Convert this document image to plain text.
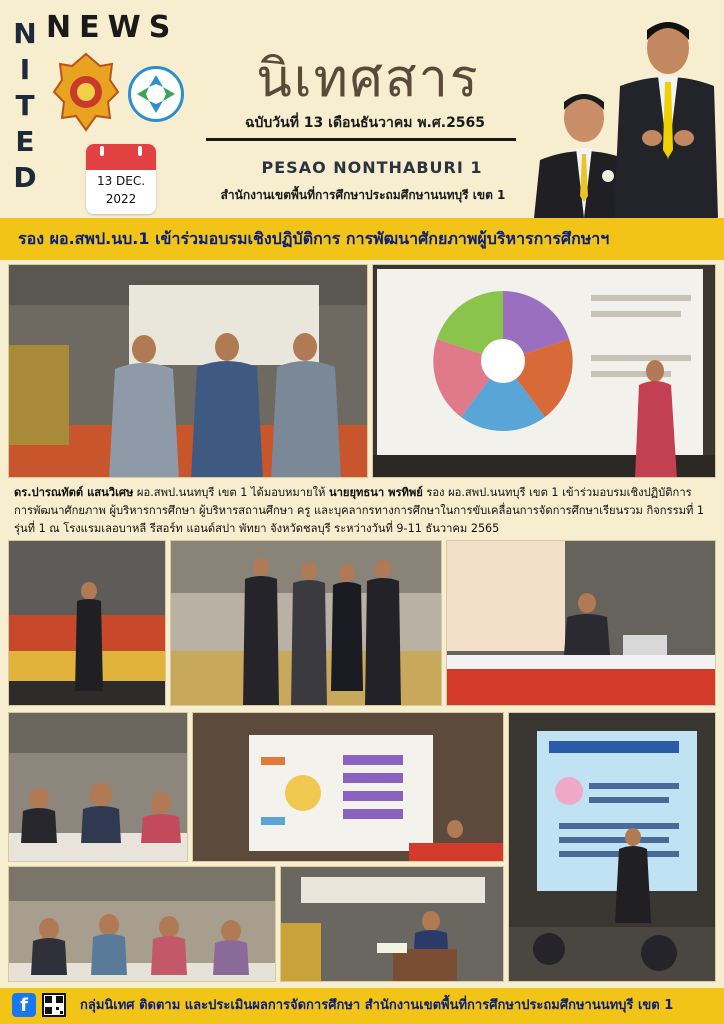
NEWS
N
I
T
E
D	13 DEC.
2022
นิเทศสาร
ฉบับวันที่ 13 เดือนธันวาคม พ.ศ.2565
PESAO NONTHABURI 1
สำนักงานเขตพื้นที่การศึกษาประถมศึกษานนทบุรี เขต 1
รอง ผอ.สพป.นบ.1 เข้าร่วมอบรมเชิงปฏิบัติการ การพัฒนาศักยภาพผู้บริหารการศึกษาฯ
ดร.ปารณทัตต์ แสนวิเศษ ผอ.สพป.นนทบุรี เขต 1 ได้มอบหมายให้ นายยุทธนา พรทิพย์ รอง ผอ.สพป.นนทบุรี เขต 1 เข้าร่วมอบรมเชิงปฏิบัติการ การพัฒนาศักยภาพ ผู้บริหารการศึกษา ผู้บริหารสถานศึกษา ครู และบุคลากรทางการศึกษาในการขับเคลื่อนการจัดการศึกษาเรียนรวม กิจกรรมที่ 1 รุ่นที่ 1 ณ โรงแรมเลอบาหลี รีสอร์ท แอนด์สปา พัทยา จังหวัดชลบุรี ระหว่างวันที่ 9-11 ธันวาคม 2565
f	กลุ่มนิเทศ ติดตาม และประเมินผลการจัดการศึกษา สำนักงานเขตพื้นที่การศึกษาประถมศึกษานนทบุรี เขต 1
